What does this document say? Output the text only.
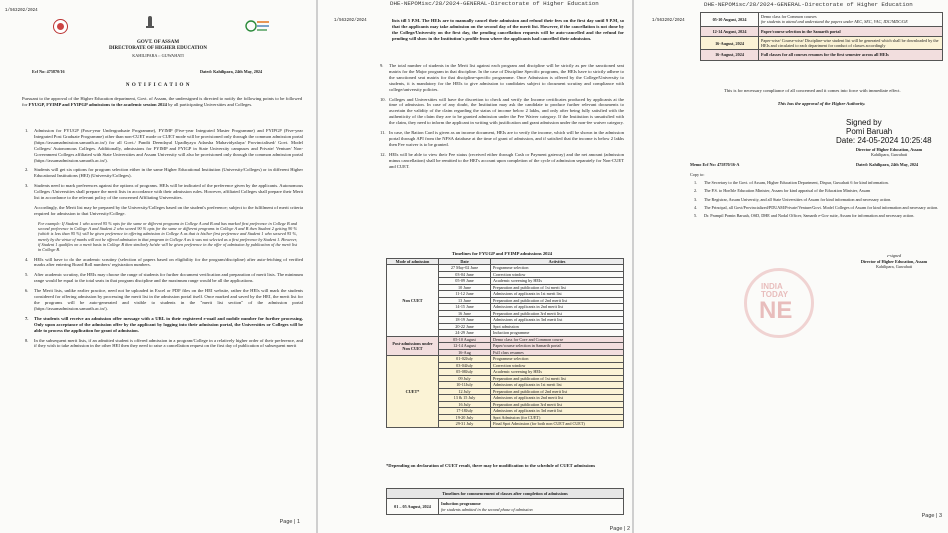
1/563202/2024
GOVT. OF ASSAM
DIRECTORATE OF HIGHER EDUCATION
KAHILIPARA :: GUWAHATI
Ecf No: 475870/16	Dated: Kahilipara, 24th May, 2024
N O T I F I C A T I O N
Pursuant to the approval of the Higher Education department, Govt. of Assam, the undersigned is directed to notify the following points to be followed for FYUGP, FYIMP and FYIPGP admissions to the academic session 2024 by all participating Universities and Colleges.
1. Admission for FYUGP (Four-year Undergraduate Programme), FYIMP (Five-year Integrated Master Programme) and FYIPGP (Five-year Integrated Post Graduate Programme) other than non-CUET mode or CUET mode will be provisioned only through the common admission portal (https://assamadmission.samarth.ac.in/) for all Govt./ Pandit Deendayal Upadhyaya Adarsha Mahavidyalaya/ Provincialised/ Govt. Model Colleges/ Autonomous Colleges. Additionally, admissions for FYIMP and FYIGP in State University campuses and Private/ Venture/ Non-Government Colleges affiliated with State Universities and Assam University will also be provisioned only through the common admission portal (https://assamadmission.samarth.ac.in/).
2. Students will get six options for program selection either in the same Higher Educational Institution (University/Colleges) or in different Higher Educational Institutions (HEI) (University/Colleges).
3. Students need to mark preferences against the options of programs. HEIs will be indicated of the preference given by the applicants. Autonomous Colleges /Universities shall prepare the merit lists in accordance with their admission rules. However, affiliated Colleges shall prepare their Merit list in accordance to the relevant policy of the concerned Affiliating Universities.
Accordingly, the Merit list may be prepared by the University/Colleges based on the student's preference; subject to the fulfilment of merit criteria required for admission to that University/College.
For example: If Student 1 who scored 95 % opts for the same or different programs in College A and B and has marked first preference in College B and second preference in College A and Student 2 who scored 90 % opts for the same or different programs in College A and B then Student 2 getting 90 % (which is less than 95 %) will be given preference in offering admission in College A as that is his/her first preference and Student 1 who secured 95 %, merely by the virtue of marks will not be offered admission in that program in College A as it was not selected as a first preference by Student 1. However, if Student 1 qualifies on a merit basis in College B then similarly he/she will be given preference in the offer of admission by publication of the merit list in College B.
4. HEIs will have to do the academic scrutiny (selection of papers based on eligibility for the program/discipline) after auto-fetching of verified marks after entering Board Roll numbers/ registration numbers.
5. After academic scrutiny, the HEIs may choose the range of students for further document verification and preparation of merit lists. The minimum range would be equal to the total seats in that program discipline and the maximum range would be all the applications.
6. The Merit lists, unlike earlier practice, need not be uploaded in Excel or PDF files on the HEI website, rather the HEIs will mark the students considered for offering admission by processing the merit list in the admission portal itself. Once marked and saved by the HEI, the merit list for the programs will be auto-generated and visible to students in the "merit list section" of the admission portal (https://assamadmission.samarth.ac.in/).
7. The students will receive an admission offer message with a URL in their registered e-mail and mobile number for further processing. Only upon acceptance of the admission offer by the applicant by logging into their admission portal, the Universities or Colleges will be able to process the application for grant of admission.
8. In the subsequent merit lists, if an admitted student is offered admission in a program/College in a relatively higher order of their preference, and if they wish to take admission in the other HEI then they need to raise a cancellation request on the first day of publication of subsequent merit
Page | 1
DHE-NEPOMisc/28/2024-GENERAL-Directorate of Higher Education
1/563202/2024	lists till 5 P.M. The HEIs are to manually cancel their admission and refund their fees on the first day until 9 P.M, so that the applicants may take admission on the second day of the merit list. However, if the cancellation is not done by the College/University on the first day, the pending cancellation requests will be auto-cancelled and the refund for pending will show in the Institution's profile from where the applicants had cancelled their admission.
9. The total number of students in the Merit list against each program and discipline will be strictly as per the sanctioned seat matrix for the Major program in that discipline. In the case of Discipline Specific programs, the HEIs have to strictly adhere to the sanctioned seat matrix for that discipline-specific programme. Once Admission is offered by the College/University to students, it is mandatory for the HEIs to give admission to candidates subject to document scrutiny and compliance with college/university policies.
10. Colleges and Universities will have the discretion to check and verify the Income certificates produced by applicants at the time of admission. In case of any doubt, the Institution may ask the candidate to produce further relevant documents to ascertain the validity of the claim regarding the status of income below 2 lakhs, and only after being fully satisfied with the authenticity of the claim they are to be granted admission under the Fee Waiver category. If the Institution is unsatisfied with the claim, they need to inform the applicant in writing with justification and grant admission under the non-fee waiver category.
11. In case, the Ration Card is given as an income document, HEIs are to verify the income, which will be shown in the admission portal through API from the NFSA database at the time of grant of admission, and if satisfied that the income is below 2 lakhs then Fee waiver is to be granted.
12. HEIs will be able to view their Fee status (received either through Cash or Payment gateway) and the net amount (admission minus cancellation) shall be remitted to the HEI's account upon completion of the cycle of admission separately for Non-CUET and CUET.
Timelines for FYUGP and FYIMP admissions 2024
Mode of admission	Date	Activities
Non CUET	27 May-02 June	Programme selection
	03-04 June	Correction window
	05-09 June	Academic screening by HEIs
	10 June	Preparation and publication of 1st merit list
	11-12 June	Admissions of applicants in 1st merit list
	13 June	Preparation and publication of 2nd merit list
	14-15 June	Admissions of applicants in 2nd merit list
	16 June	Preparation and publication 3rd merit list
	18-19 June	Admissions of applicants in 3rd merit list
	20-22 June	Spot admission
	24-29 June	Induction programme
Post-admissions under Non CUET	05-10 August	Demo class for Core and Common course
	12-14 August	Paper/course selection in Samarth portal
	16-Aug	Full class resumes
CUET*	01-02July	Programme selection
	03-04July	Correction window
	05-08July	Academic screening by HEIs
	09 July	Preparation and publication of 1st merit list
	10-11July	Admissions of applicants in 1st merit list
	12 July	Preparation and publication of 2nd merit list
	13 & 15 July	Admissions of applicants in 2nd merit list
	16 July	Preparation and publication 3rd merit list
	17-18July	Admissions of applicants in 3rd merit list
	19-20 July	Spot Admission (for CUET)
	29-31 July	Final Spot Admission (for both non CUET and CUET)
*Depending on declaration of CUET result, there may be modification to the schedule of CUET admissions
Timelines for commencement of classes after completion of admissions
01 – 05 August, 2024	
Induction programme
for students admitted in the second phase of admission
Page | 2
DHE-NEPOMisc/28/2024-GENERAL-Directorate of Higher Education
1/563202/2024	05-10 August, 2024	Demo class for Common courses
for students to attend and understand the papers under AEC, SEC, VAC, IDC/MDC/GE

12-14 August, 2024	Paper/course selection in the Samarth portal

16-August, 2024	Paper-wise/ Course-wise/ Discipline-wise student list will be generated which shall be downloaded by the HEIs and circulated to each department for conduct of classes accordingly

16-August, 2024	Full classes for all courses resumes for the first semester across all HEIs
This is for necessary compliance of all concerned and it comes into force with immediate effect.
This has the approval of the Higher Authority.
Signed by
Pomi Baruah
Date: 24-05-2024 10:25:48
Director of Higher Education, Assam
Kahilipara, Guwahati
Memo Ecf No: 475870/16-A	Dated: Kahilipara, 24th May, 2024
Copy to:
1. The Secretary to the Govt. of Assam, Higher Education Department, Dispur, Guwahati 6 for kind information.
2. The P.S. to Hon'ble Education Minister, Assam for kind appraisal of the Education Minister, Assam
3. The Registrar, Assam University, and all State Universities of Assam for kind information and necessary action.
4. The Principal, all Govt/Provincialized/PDUAM/Private/Venture/Govt. Model Colleges of Assam for kind information and necessary action.
5. Dr. Prampil Pomin Baruah, OSD, DHE and Nodal Officer, Samarth e-Gov suite, Assam for information and necessary action.
e-signed
Director of Higher Education, Assam
Kahilipara, Guwahati
INDIA
TODAY
NE
Page | 3
